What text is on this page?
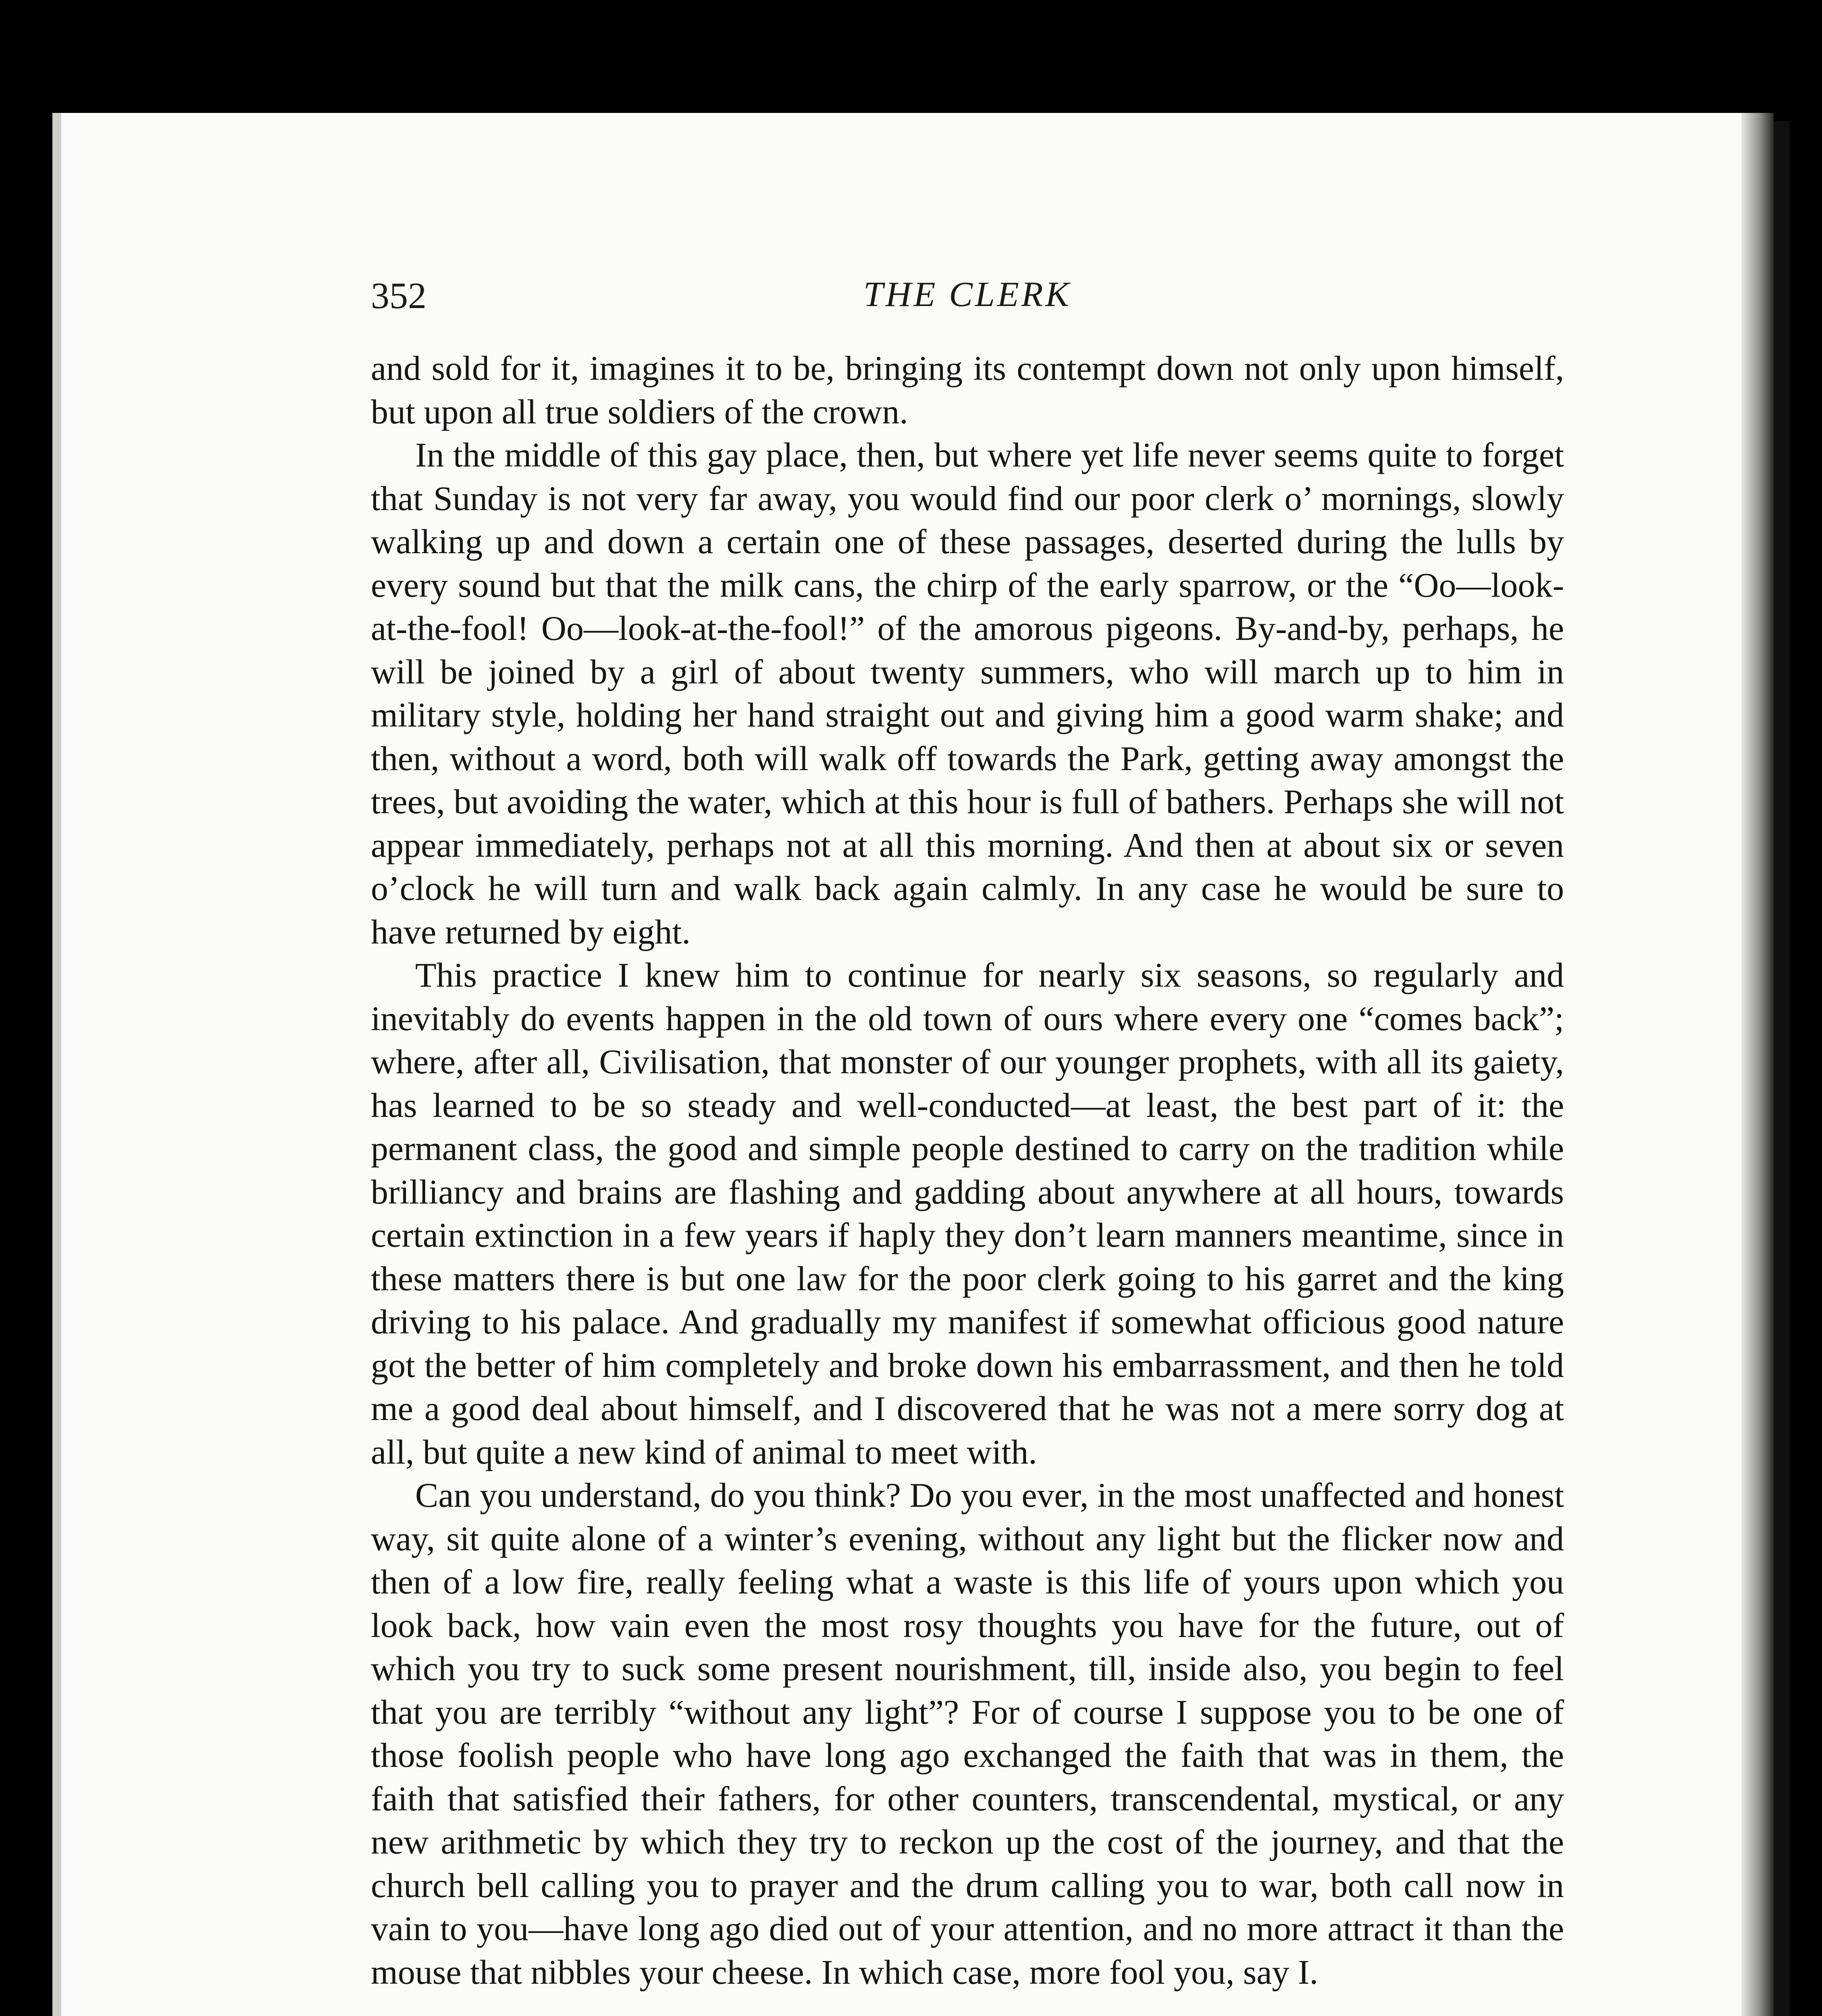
352	THE CLERK

and sold for it, imagines it to be, bringing its contempt down not only upon himself, but upon all true soldiers of the crown.

In the middle of this gay place, then, but where yet life never seems quite to forget that Sunday is not very far away, you would find our poor clerk o’ mornings, slowly walking up and down a certain one of these passages, deserted during the lulls by every sound but that the milk cans, the chirp of the early sparrow, or the “Oo—look-at-the-fool! Oo—look-at-the-fool!” of the amorous pigeons. By-and-by, perhaps, he will be joined by a girl of about twenty summers, who will march up to him in military style, holding her hand straight out and giving him a good warm shake; and then, without a word, both will walk off towards the Park, getting away amongst the trees, but avoiding the water, which at this hour is full of bathers. Perhaps she will not appear immediately, perhaps not at all this morning. And then at about six or seven o’clock he will turn and walk back again calmly. In any case he would be sure to have returned by eight.

This practice I knew him to continue for nearly six seasons, so regularly and inevitably do events happen in the old town of ours where every one “comes back”; where, after all, Civilisation, that monster of our younger prophets, with all its gaiety, has learned to be so steady and well-conducted—at least, the best part of it: the permanent class, the good and simple people destined to carry on the tradition while brilliancy and brains are flashing and gadding about anywhere at all hours, towards certain extinction in a few years if haply they don’t learn manners meantime, since in these matters there is but one law for the poor clerk going to his garret and the king driving to his palace. And gradually my manifest if somewhat officious good nature got the better of him completely and broke down his embarrassment, and then he told me a good deal about himself, and I discovered that he was not a mere sorry dog at all, but quite a new kind of animal to meet with.

Can you understand, do you think? Do you ever, in the most unaffected and honest way, sit quite alone of a winter’s evening, without any light but the flicker now and then of a low fire, really feeling what a waste is this life of yours upon which you look back, how vain even the most rosy thoughts you have for the future, out of which you try to suck some present nourishment, till, inside also, you begin to feel that you are terribly “without any light”? For of course I suppose you to be one of those foolish people who have long ago exchanged the faith that was in them, the faith that satisfied their fathers, for other counters, transcendental, mystical, or any new arithmetic by which they try to reckon up the cost of the journey, and that the church bell calling you to prayer and the drum calling you to war, both call now in vain to you—have long ago died out of your attention, and no more attract it than the mouse that nibbles your cheese. In which case, more fool you, say I.
